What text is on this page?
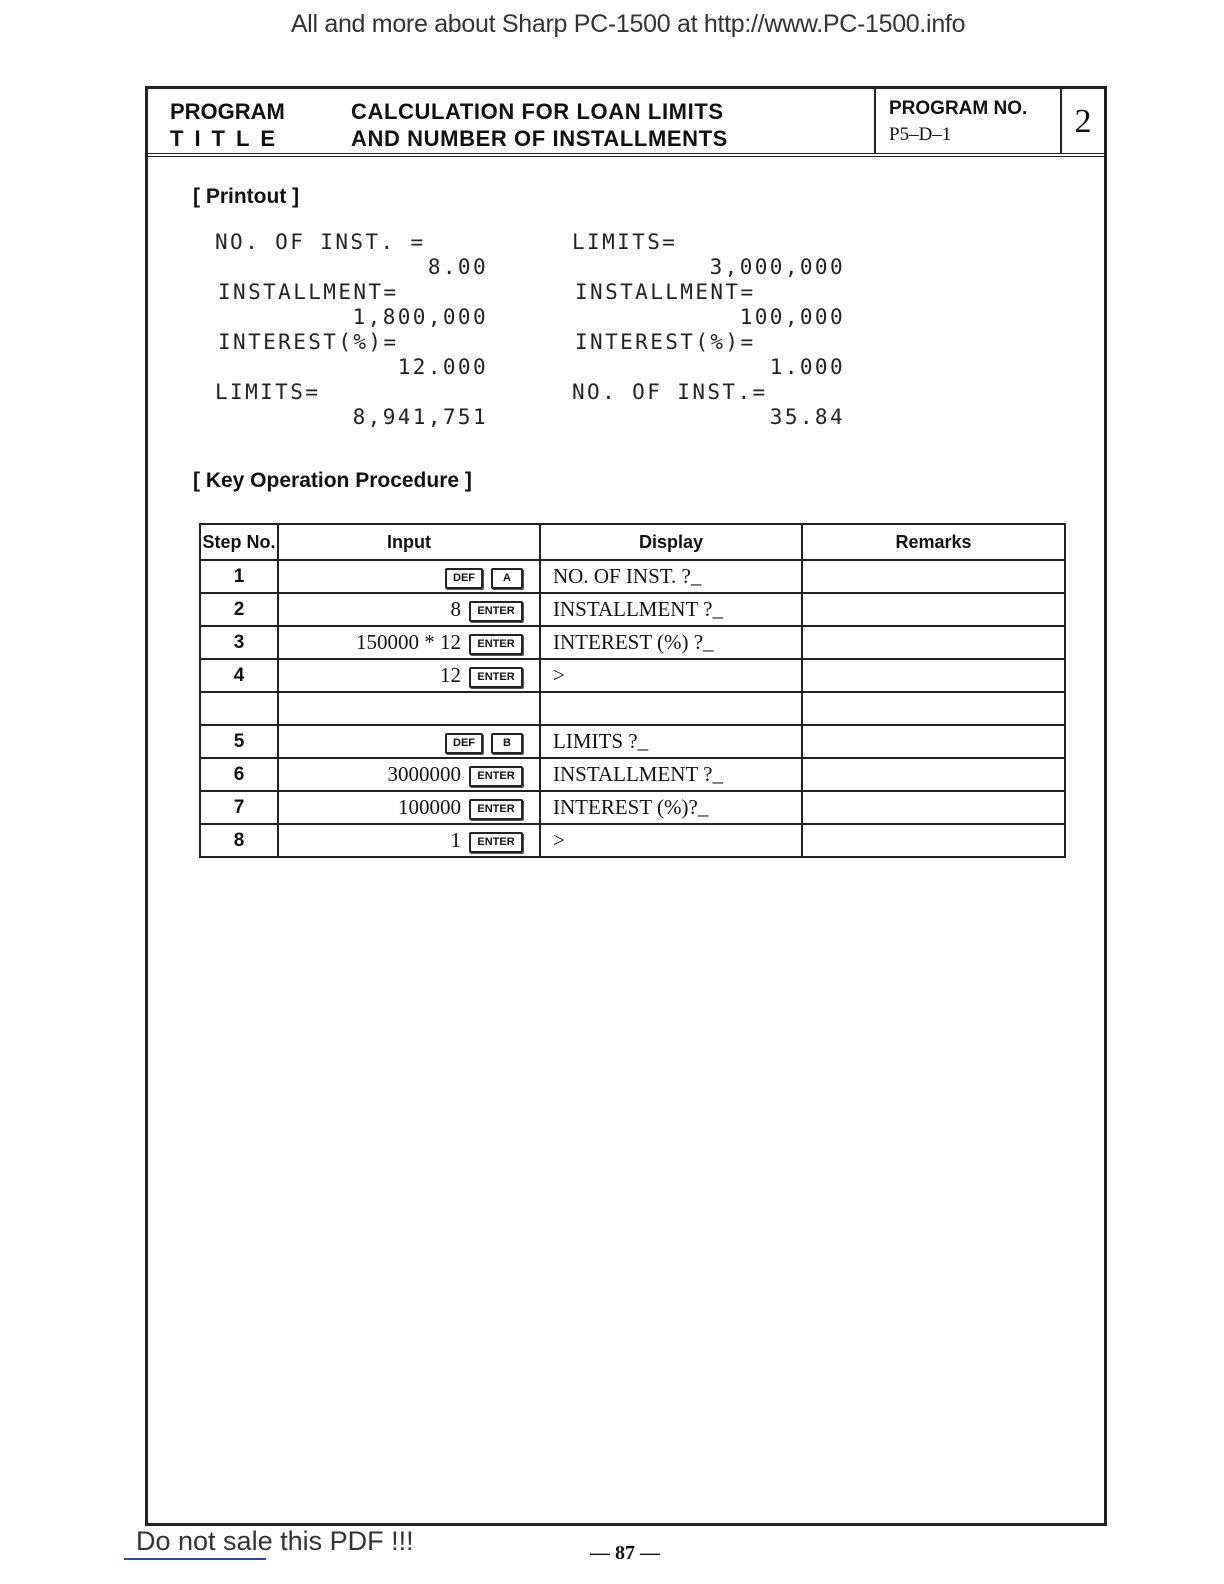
All and more about Sharp PC-1500 at http://www.PC-1500.info
PROGRAM
TITLE
CALCULATION FOR LOAN LIMITS
AND NUMBER OF INSTALLMENTS
PROGRAM NO.
P5–D–1	2
[ Printout ]
NO. OF INST. =
8.00
INSTALLMENT=
1,800,000
INTEREST(%)=
12.000
LIMITS=
8,941,751
LIMITS=
3,000,000
INSTALLMENT=
100,000
INTEREST(%)=
1.000
NO. OF INST.=
35.84
[ Key Operation Procedure ]
Step No.	Input	Display	Remarks
1	DEF A	NO. OF INST. ?_	
2	8 ENTER	INSTALLMENT ?_	
3	150000 * 12 ENTER	INTEREST (%) ?_	
4	12 ENTER	>	

5	DEF B	LIMITS ?_	
6	3000000 ENTER	INSTALLMENT ?_	
7	100000 ENTER	INTEREST (%)?_	
8	1 ENTER	>	
Do not sale this PDF !!!	— 87 —
